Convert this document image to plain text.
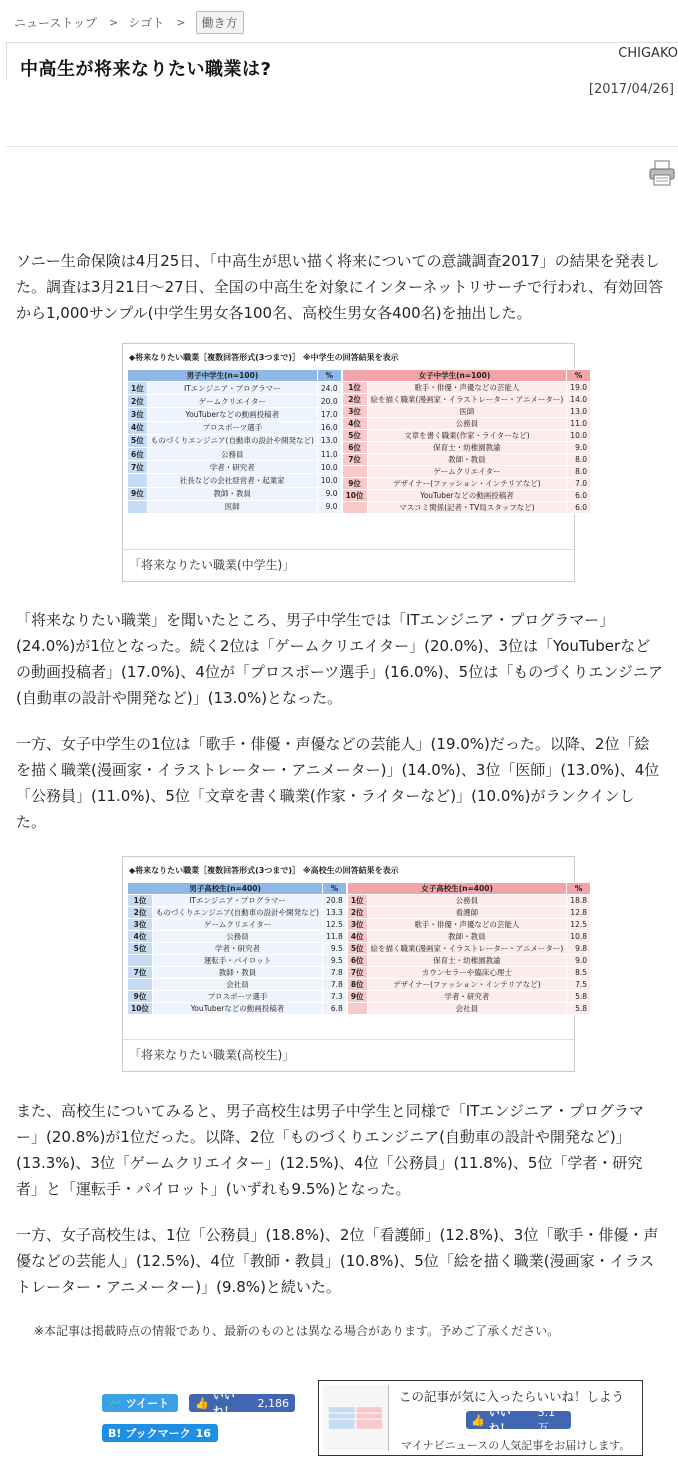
ニューストップ > シゴト >	働き方
中高生が将来なりたい職業は?
CHIGAKO
[2017/04/26]

ソニー生命保険は4月25日、「中高生が思い描く将来についての意識調査2017」の結果を発表した。調査は3月21日～27日、全国の中高生を対象にインターネットリサーチで行われ、有効回答から1,000サンプル(中学生男女各100名、高校生男女各400名)を抽出した。

◆将来なりたい職業［複数回答形式(3つまで)］ ※中学生の回答結果を表示
男子中学生(n=100)		%
1位	ITエンジニア・プログラマー	24.0
2位	ゲームクリエイター	20.0
3位	YouTuberなどの動画投稿者	17.0
4位	プロスポーツ選手	16.0
5位	ものづくりエンジニア(自動車の設計や開発など)	13.0
6位	公務員	11.0
7位	学者・研究者	10.0
	社長などの会社経営者・起業家	10.0
9位	教師・教員	9.0
	医師	9.0
女子中学生(n=100)		%
1位	歌手・俳優・声優などの芸能人	19.0
2位	絵を描く職業(漫画家・イラストレーター・アニメーター)	14.0
3位	医師	13.0
4位	公務員	11.0
5位	文章を書く職業(作家・ライターなど)	10.0
6位	保育士・幼稚園教諭	9.0
7位	教師・教員	8.0
	ゲームクリエイター	8.0
9位	デザイナー(ファッション・インテリアなど)	7.0
10位	YouTuberなどの動画投稿者	6.0
	マスコミ関係(記者・TV局スタッフなど)	6.0
「将来なりたい職業(中学生)」

「将来なりたい職業」を聞いたところ、男子中学生では「ITエンジニア・プログラマー」(24.0%)が1位となった。続く2位は「ゲームクリエイター」(20.0%)、3位は「YouTuberなどの動画投稿者」(17.0%)、4位が「プロスポーツ選手」(16.0%)、5位は「ものづくりエンジニア(自動車の設計や開発など)」(13.0%)となった。

一方、女子中学生の1位は「歌手・俳優・声優などの芸能人」(19.0%)だった。以降、2位「絵を描く職業(漫画家・イラストレーター・アニメーター)」(14.0%)、3位「医師」(13.0%)、4位「公務員」(11.0%)、5位「文章を書く職業(作家・ライターなど)」(10.0%)がランクインした。

◆将来なりたい職業［複数回答形式(3つまで)］ ※高校生の回答結果を表示
男子高校生(n=400)		%
1位	ITエンジニア・プログラマー	20.8
2位	ものづくりエンジニア(自動車の設計や開発など)	13.3
3位	ゲームクリエイター	12.5
4位	公務員	11.8
5位	学者・研究者	9.5
	運転手・パイロット	9.5
7位	教師・教員	7.8
	会社員	7.8
9位	プロスポーツ選手	7.3
10位	YouTuberなどの動画投稿者	6.8
女子高校生(n=400)		%
1位	公務員	18.8
2位	看護師	12.8
3位	歌手・俳優・声優などの芸能人	12.5
4位	教師・教員	10.8
5位	絵を描く職業(漫画家・イラストレーター・アニメーター)	9.8
6位	保育士・幼稚園教諭	9.0
7位	カウンセラーや臨床心理士	8.5
8位	デザイナー(ファッション・インテリアなど)	7.5
9位	学者・研究者	5.8
	会社員	5.8
「将来なりたい職業(高校生)」

また、高校生についてみると、男子高校生は男子中学生と同様で「ITエンジニア・プログラマー」(20.8%)が1位だった。以降、2位「ものづくりエンジニア(自動車の設計や開発など)」(13.3%)、3位「ゲームクリエイター」(12.5%)、4位「公務員」(11.8%)、5位「学者・研究者」と「運転手・パイロット」(いずれも9.5%)となった。

一方、女子高校生は、1位「公務員」(18.8%)、2位「看護師」(12.8%)、3位「歌手・俳優・声優などの芸能人」(12.5%)、4位「教師・教員」(10.8%)、5位「絵を描く職業(漫画家・イラストレーター・アニメーター)」(9.8%)と続いた。

※本記事は掲載時点の情報であり、最新のものとは異なる場合があります。予めご了承ください。
🐦 ツイート 👍
いいね！
2,186
B! ブックマーク 16
この記事が気に入ったらいいね！しよう
👍
いいね！
5.1万
マイナビニュースの人気記事をお届けします。
